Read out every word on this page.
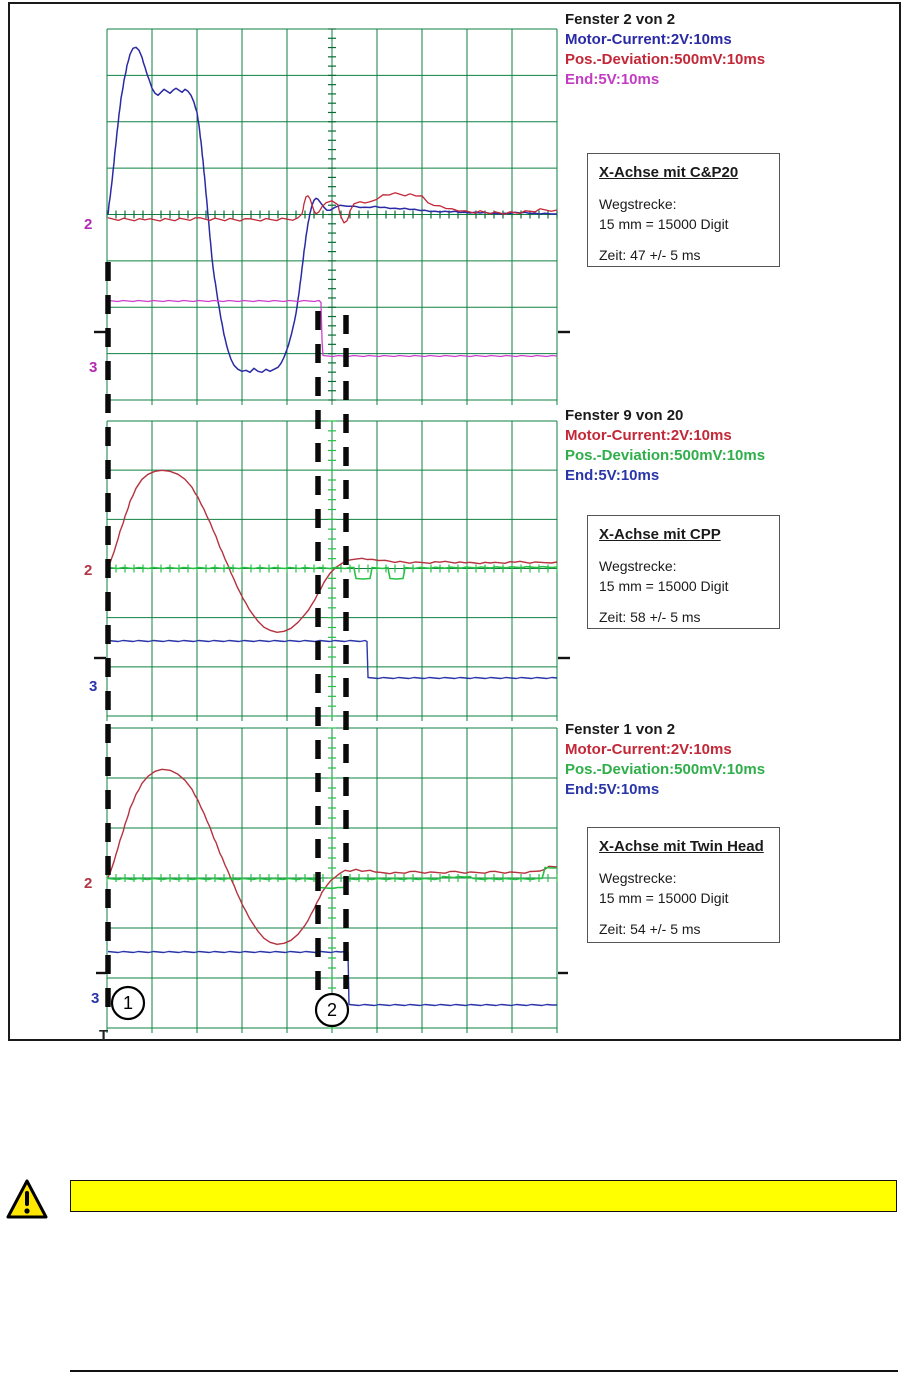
2
3
2
3
2
3
T
1	2
Fenster 2 von 2
Motor-Current:2V:10ms
Pos.-Deviation:500mV:10ms
End:5V:10ms
Fenster 9 von 20
Motor-Current:2V:10ms
Pos.-Deviation:500mV:10ms
End:5V:10ms
Fenster 1 von 2
Motor-Current:2V:10ms
Pos.-Deviation:500mV:10ms
End:5V:10ms
X-Achse mit C&P20
Wegstrecke:
15 mm = 15000 Digit
Zeit: 47 +/- 5 ms
X-Achse mit CPP
Wegstrecke:
15 mm = 15000 Digit
Zeit: 58 +/- 5 ms
X-Achse mit Twin Head
Wegstrecke:
15 mm = 15000 Digit
Zeit: 54 +/- 5 ms
